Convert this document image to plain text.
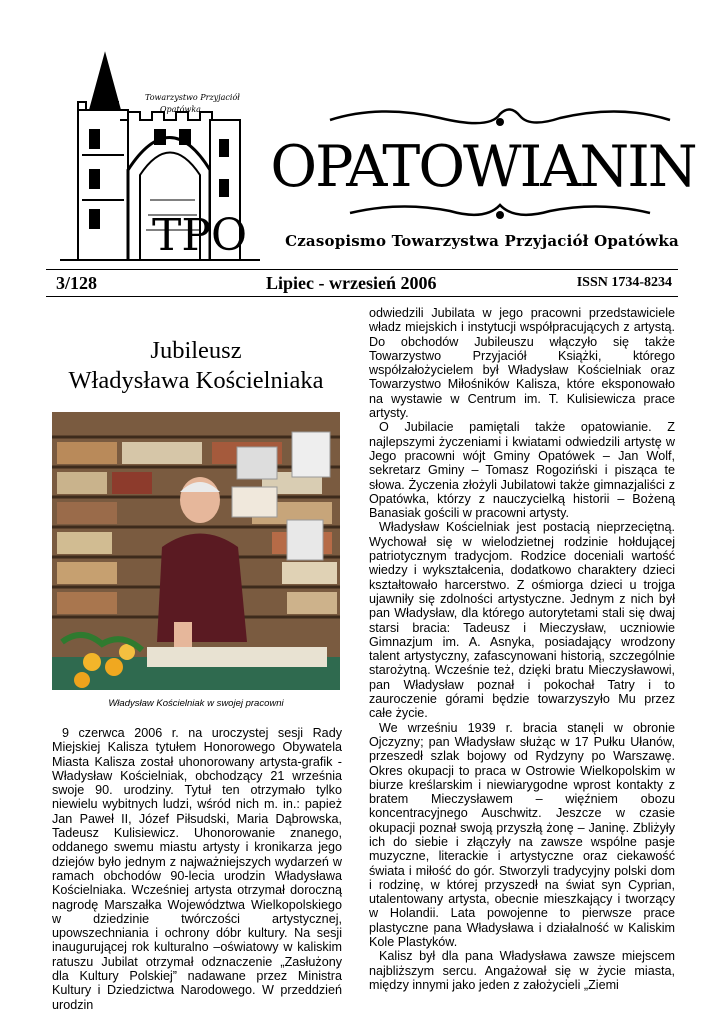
Towarzystwo Przyjaciół
Opatówka
TPO
OPATOWIANIN
Czasopismo Towarzystwa Przyjaciół Opatówka
3/128	Lipiec - wrzesień 2006	ISSN 1734-8234
Jubileusz
Władysława Kościelniaka
Władysław Kościelniak w swojej pracowni

9 czerwca 2006 r. na uroczystej sesji Rady Miejskiej Kalisza tytułem Honorowego Obywatela Miasta Kalisza został uhonorowany artysta-grafik - Władysław Kościelniak, obchodzący 21 września swoje 90. urodziny. Tytuł ten otrzymało tylko niewielu wybitnych ludzi, wśród nich m. in.: papież Jan Paweł II, Józef Piłsudski, Maria Dąbrowska, Tadeusz Kulisiewicz. Uhonorowanie znanego, oddanego swemu miastu artysty i kronikarza jego dziejów było jednym z najważniejszych wydarzeń w ramach obchodów 90-lecia urodzin Władysława Kościelniaka. Wcześniej artysta otrzymał doroczną nagrodę Marszałka Województwa Wielkopolskiego w dziedzinie twórczości artystycznej, upowszechniania i ochrony dóbr kultury. Na sesji inaugurującej rok kulturalno –oświatowy w kaliskim ratuszu Jubilat otrzymał odznaczenie „Zasłużony dla Kultury Polskiej” nadawane przez Ministra Kultury i Dziedzictwa Narodowego. W przeddzień urodzin

odwiedzili Jubilata w jego pracowni przedstawiciele władz miejskich i instytucji współpracujących z artystą. Do obchodów Jubileuszu włączyło się także Towarzystwo Przyjaciół Książki, którego współzałożycielem był Władysław Kościelniak oraz Towarzystwo Miłośników Kalisza, które eksponowało na wystawie w Centrum im. T. Kulisiewicza prace artysty.

O Jubilacie pamiętali także opatowianie. Z najlepszymi życzeniami i kwiatami odwiedzili artystę w Jego pracowni wójt Gminy Opatówek – Jan Wolf, sekretarz Gminy – Tomasz Rogoziński i pisząca te słowa. Życzenia złożyli Jubilatowi także gimnazjaliści z Opatówka, którzy z nauczycielką historii – Bożeną Banasiak gościli w pracowni artysty.

Władysław Kościelniak jest postacią nieprzeciętną. Wychował się w wielodzietnej rodzinie hołdującej patriotycznym tradycjom. Rodzice doceniali wartość wiedzy i wykształcenia, dodatkowo charaktery dzieci kształtowało harcerstwo. Z ośmiorga dzieci u trojga ujawniły się zdolności artystyczne. Jednym z nich był pan Władysław, dla którego autorytetami stali się dwaj starsi bracia: Tadeusz i Mieczysław, uczniowie Gimnazjum im. A. Asnyka, posiadający wrodzony talent artystyczny, zafascynowani historią, szczególnie starożytną. Wcześnie też, dzięki bratu Mieczysławowi, pan Władysław poznał i pokochał Tatry i to zauroczenie górami będzie towarzyszyło Mu przez całe życie.

We wrześniu 1939 r. bracia stanęli w obronie Ojczyzny; pan Władysław służąc w 17 Pułku Ułanów, przeszedł szlak bojowy od Rydzyny po Warszawę. Okres okupacji to praca w Ostrowie Wielkopolskim w biurze kreślarskim i niewiarygodne wprost kontakty z bratem Mieczysławem – więźniem obozu koncentracyjnego Auschwitz. Jeszcze w czasie okupacji poznał swoją przyszłą żonę – Janinę. Zbliżyły ich do siebie i złączyły na zawsze wspólne pasje muzyczne, literackie i artystyczne oraz ciekawość świata i miłość do gór. Stworzyli tradycyjny polski dom i rodzinę, w której przyszedł na świat syn Cyprian, utalentowany artysta, obecnie mieszkający i tworzący w Holandii. Lata powojenne to pierwsze prace plastyczne pana Władysława i działalność w Kaliskim Kole Plastyków.

Kalisz był dla pana Władysława zawsze miejscem najbliższym sercu. Angażował się w życie miasta, między innymi jako jeden z założycieli „Ziemi
